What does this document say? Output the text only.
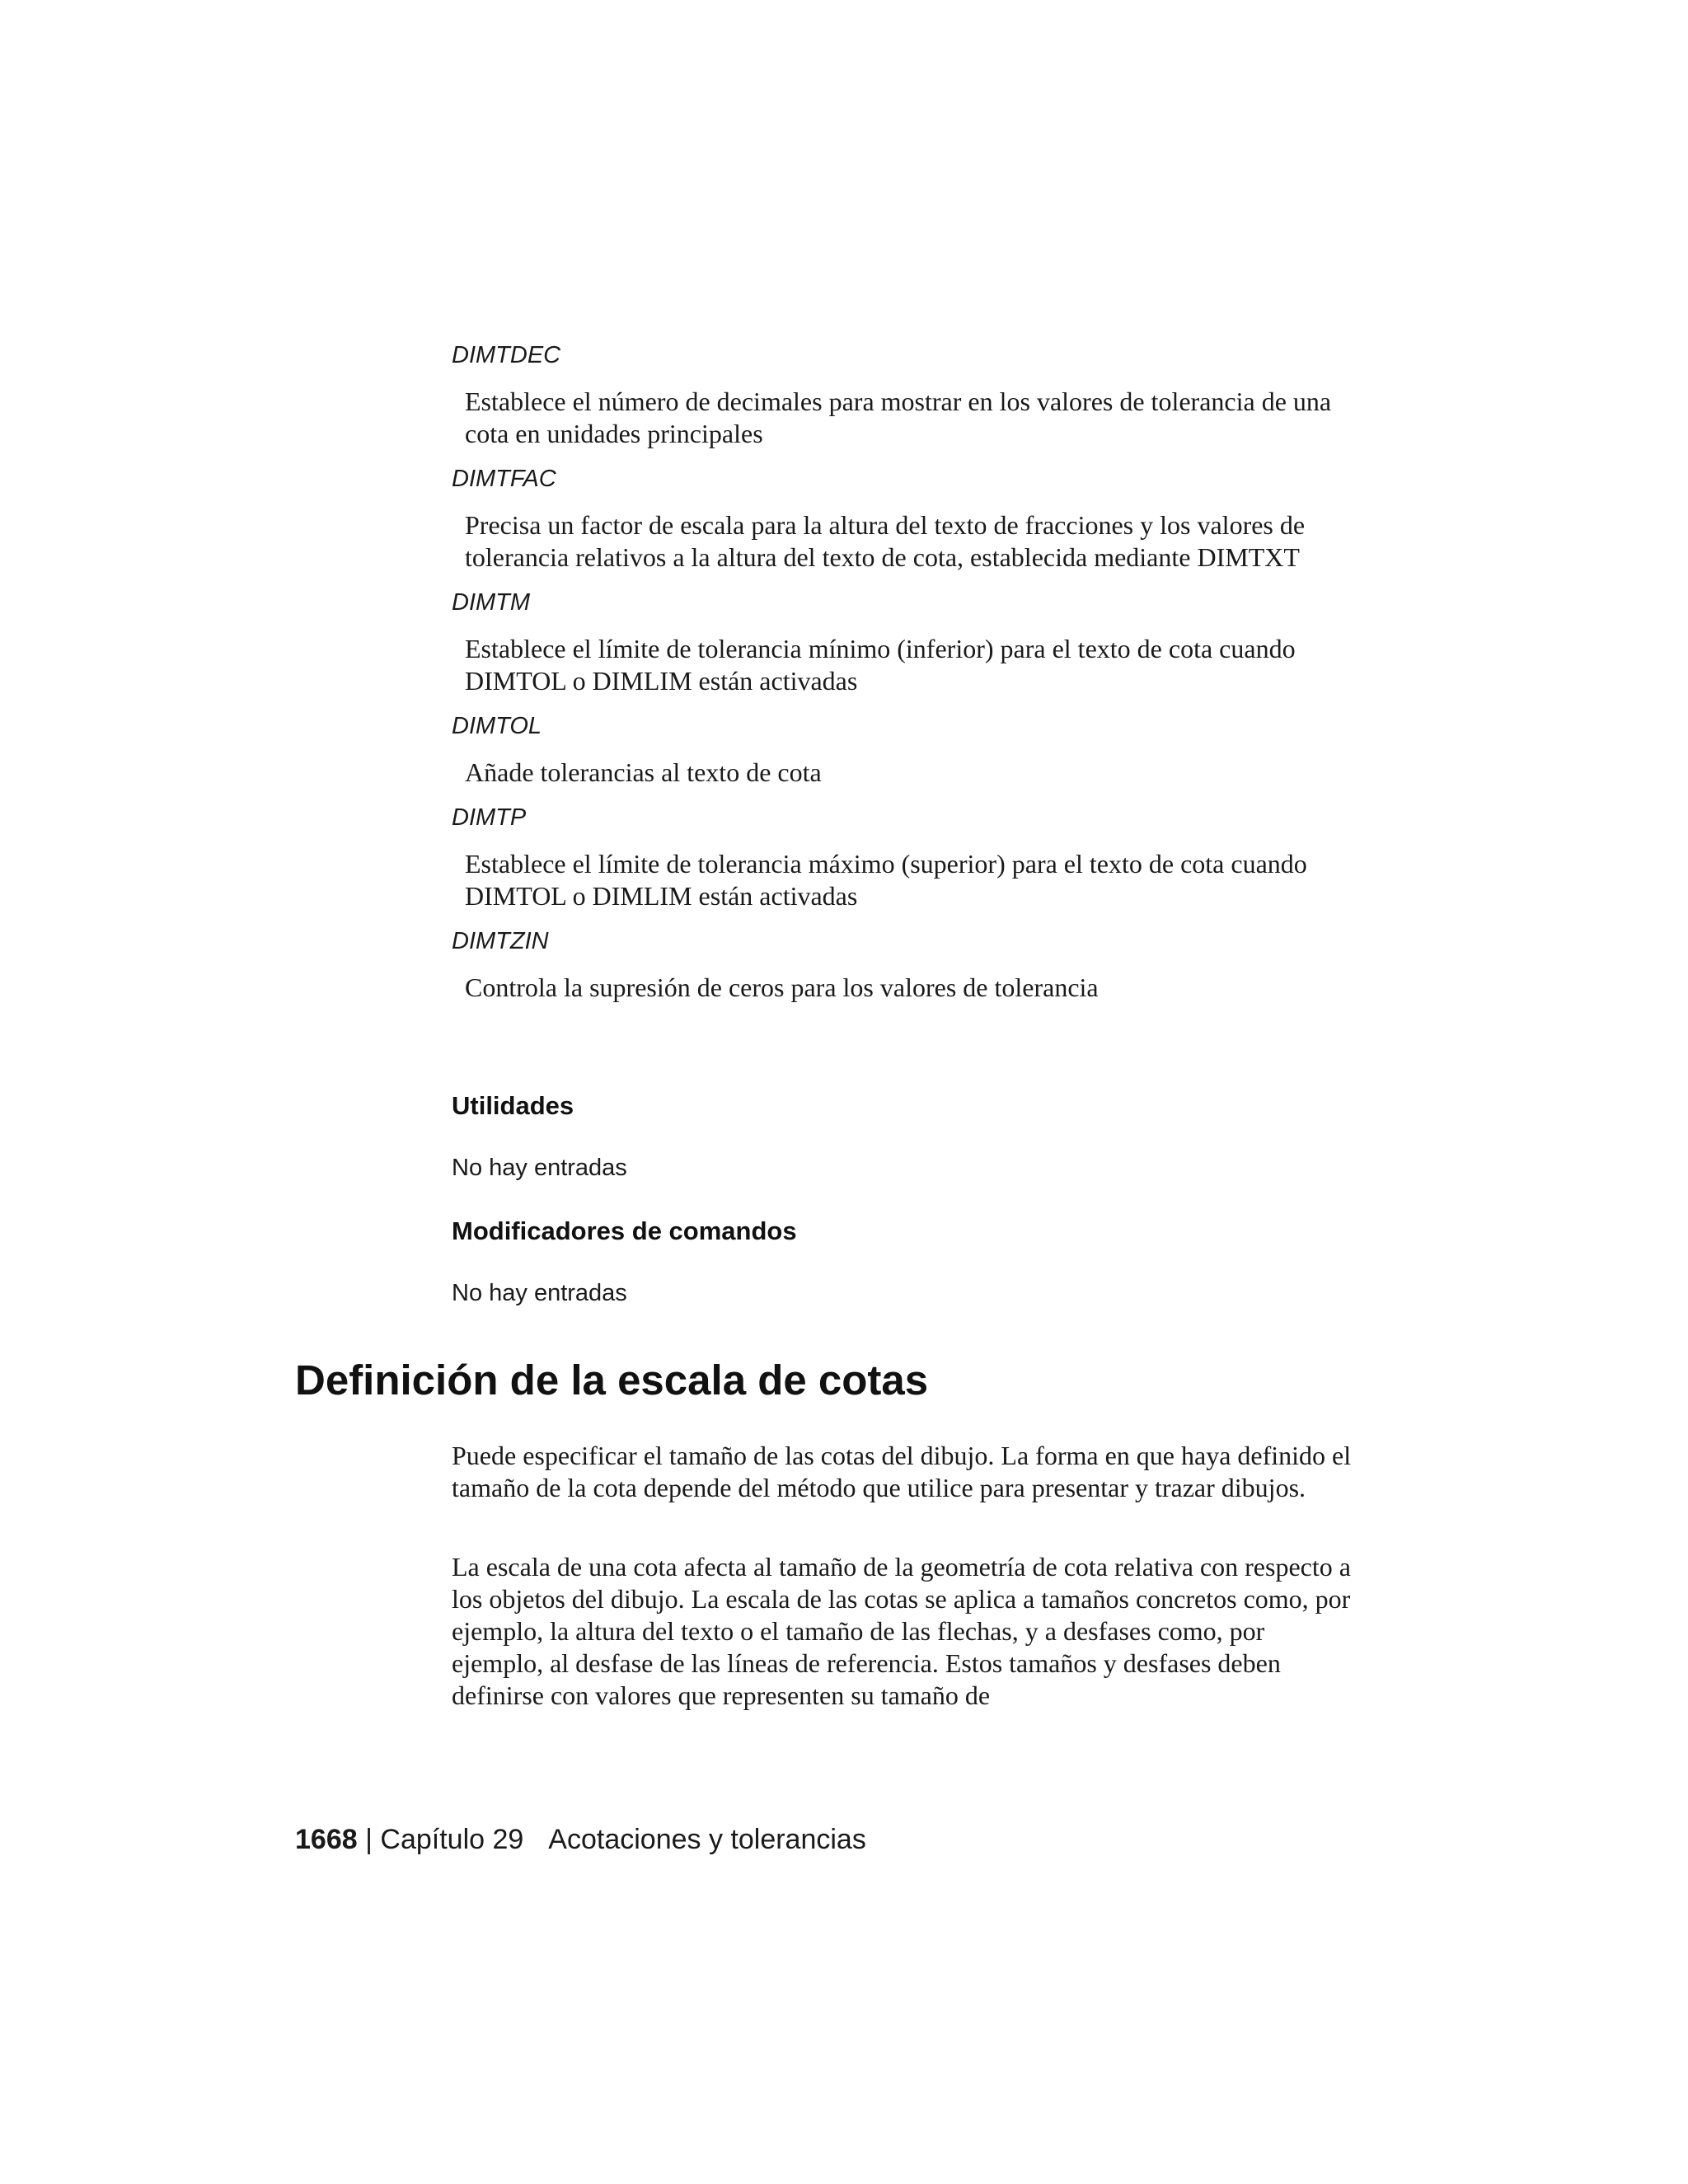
DIMTDEC

Establece el número de decimales para mostrar en los valores de tolerancia de una cota en unidades principales

DIMTFAC

Precisa un factor de escala para la altura del texto de fracciones y los valores de tolerancia relativos a la altura del texto de cota, establecida mediante DIMTXT

DIMTM

Establece el límite de tolerancia mínimo (inferior) para el texto de cota cuando DIMTOL o DIMLIM están activadas

DIMTOL

Añade tolerancias al texto de cota

DIMTP

Establece el límite de tolerancia máximo (superior) para el texto de cota cuando DIMTOL o DIMLIM están activadas

DIMTZIN

Controla la supresión de ceros para los valores de tolerancia

Utilidades

No hay entradas

Modificadores de comandos

No hay entradas

Definición de la escala de cotas

Puede especificar el tamaño de las cotas del dibujo. La forma en que haya definido el tamaño de la cota depende del método que utilice para presentar y trazar dibujos.

La escala de una cota afecta al tamaño de la geometría de cota relativa con respecto a los objetos del dibujo. La escala de las cotas se aplica a tamaños concretos como, por ejemplo, la altura del texto o el tamaño de las flechas, y a desfases como, por ejemplo, al desfase de las líneas de referencia. Estos tamaños y desfases deben definirse con valores que representen su tamaño de

1668 | Capítulo 29 Acotaciones y tolerancias
